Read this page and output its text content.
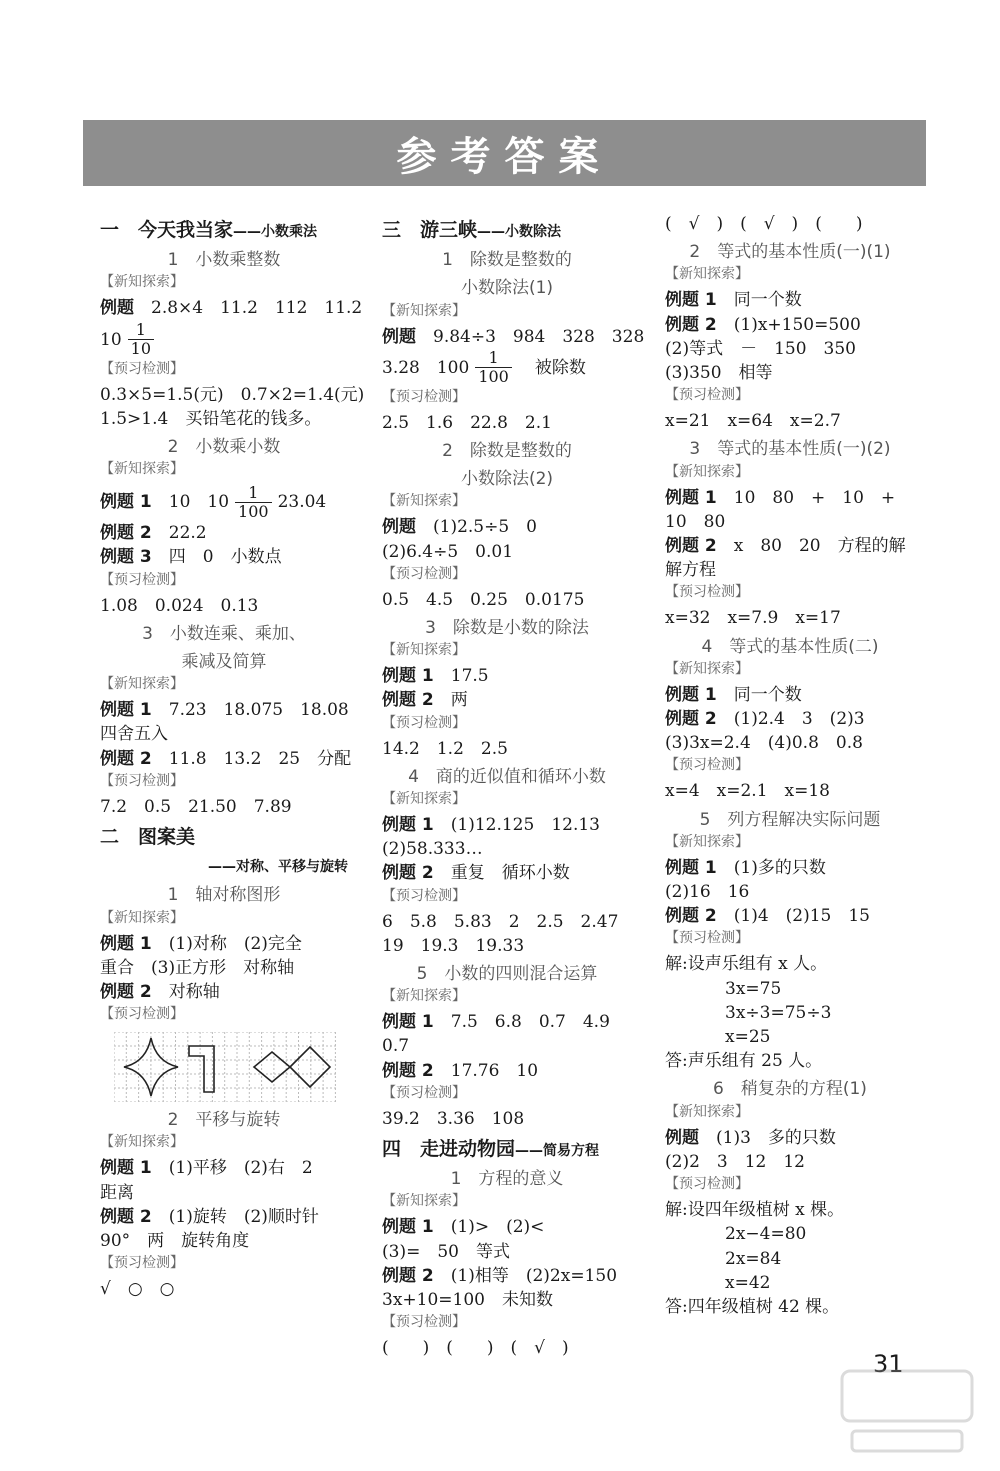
参考答案
一　今天我当家——小数乘法
1　小数乘整数
【新知探索】
例题　2.8×4　11.2　112　11.2
$10 \frac{1}{10}$
【预习检测】
0.3×5=1.5(元)　0.7×2=1.4(元)
1.5>1.4　买铅笔花的钱多。
2　小数乘小数
【新知探索】
例题 1 　10　$10 \frac{1}{100} 23.04$
例题 2　22.2
例题 3　四　0　小数点
【预习检测】
1.08　0.024　0.13
3　小数连乘、乘加、
乘减及简算
【新知探索】
例题 1　7.23　18.075　18.08
四舍五入
例题 2　11.8　13.2　25　分配
【预习检测】
7.2　0.5　21.50　7.89
二　图案美
——对称、平移与旋转
1　轴对称图形
【新知探索】
例题 1　(1)对称　(2)完全
重合　(3)正方形　对称轴
例题 2　对称轴
【预习检测】
2　平移与旋转
【新知探索】
例题 1　(1)平移　(2)右　2
距离
例题 2　(1)旋转　(2)顺时针
90°　两　旋转角度
【预习检测】
√　○　○
三　游三峡——小数除法
1　除数是整数的
小数除法(1)
【新知探索】
例题　9.84÷3　984　328　328
3.28　$100 \frac{1}{100}$ 　被除数
【预习检测】
2.5　1.6　22.8　2.1
2　除数是整数的
小数除法(2)
【新知探索】
例题　(1)2.5÷5　0
(2)6.4÷5　0.01
【预习检测】
0.5　4.5　0.25　0.0175
3　除数是小数的除法
【新知探索】
例题 1　17.5
例题 2　两
【预习检测】
14.2　1.2　2.5
4　商的近似值和循环小数
【新知探索】
例题 1　(1)12.125　12.13
(2)58.333…
例题 2　重复　循环小数
【预习检测】
6　5.8　5.83　2　2.5　2.47
19　19.3　19.33
5　小数的四则混合运算
【新知探索】
例题 1　7.5　6.8　0.7　4.9
0.7
例题 2　17.76　10
【预习检测】
39.2　3.36　108
四　走进动物园——简易方程
1　方程的意义
【新知探索】
例题 1　(1)>　(2)<
(3)=　50　等式
例题 2　(1)相等　(2)2x=150
3x+10=100　未知数
【预习检测】
(　　)　(　　)　(　√　)
(　√　)　(　√　)　(　　)
2　等式的基本性质(一)(1)
【新知探索】
例题 1　同一个数
例题 2　(1)x+150=500
(2)等式　－　150　350
(3)350　相等
【预习检测】
x=21　x=64　x=2.7
3　等式的基本性质(一)(2)
【新知探索】
例题 1　10　80　+　10　+
10　80
例题 2　x　80　20　方程的解
解方程
【预习检测】
x=32　x=7.9　x=17
4　等式的基本性质(二)
【新知探索】
例题 1　同一个数
例题 2　(1)2.4　3　(2)3
(3)3x=2.4　(4)0.8　0.8
【预习检测】
x=4　x=2.1　x=18
5　列方程解决实际问题
【新知探索】
例题 1　(1)多的只数
(2)16　16
例题 2　(1)4　(2)15　15
【预习检测】
解:设声乐组有 x 人。
3x=75
3x÷3=75÷3
x=25
答:声乐组有 25 人。
6　稍复杂的方程(1)
【新知探索】
例题　(1)3　多的只数
(2)2　3　12　12
【预习检测】
解:设四年级植树 x 棵。
2x−4=80
2x=84
x=42
答:四年级植树 42 棵。
31
